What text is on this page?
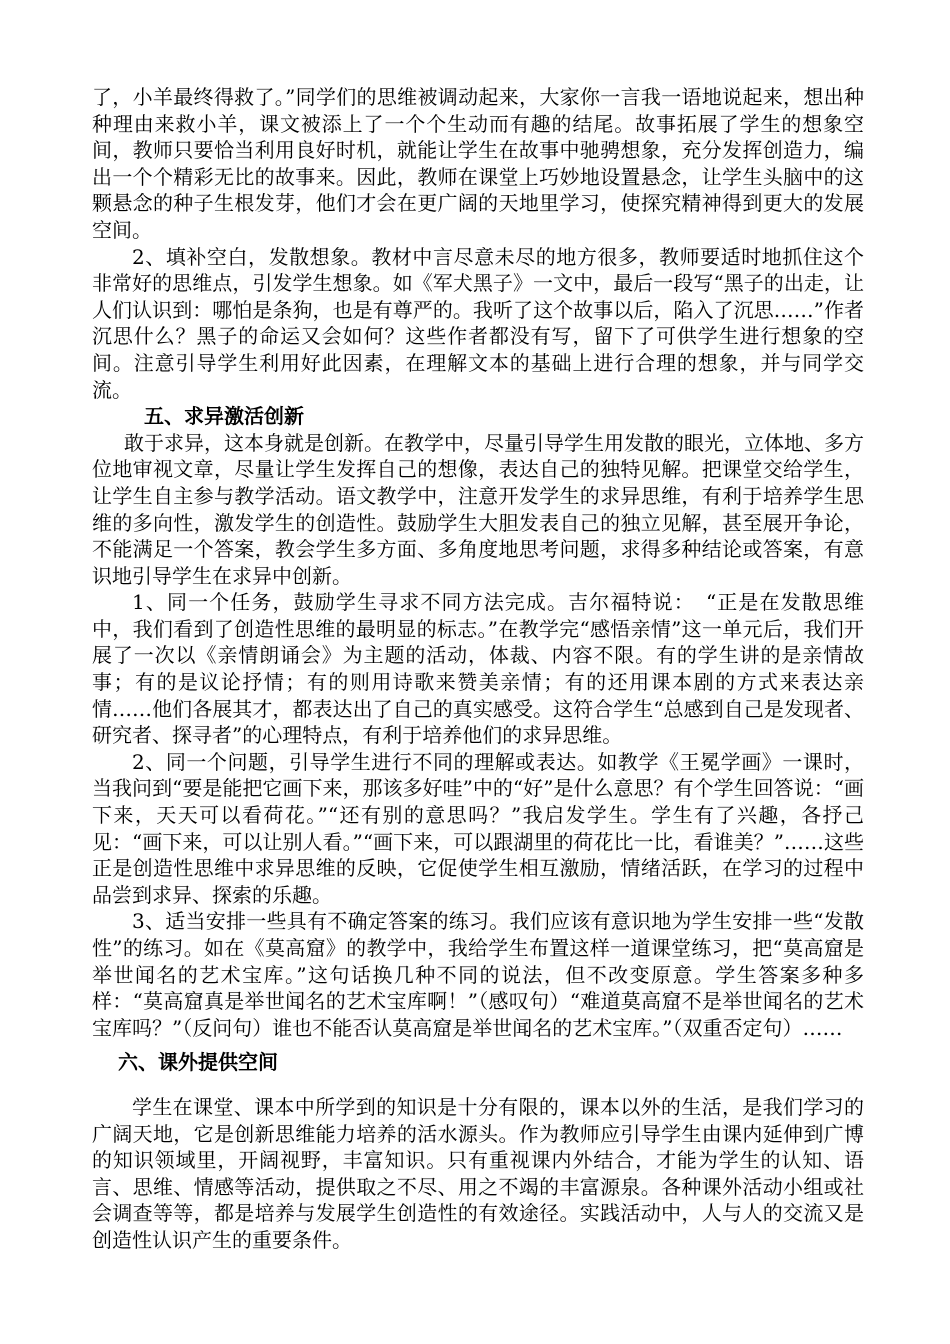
了，小羊最终得救了。”同学们的思维被调动起来，大家你一言我一语地说起来，想出种种理由来救小羊，课文被添上了一个个生动而有趣的结尾。故事拓展了学生的想象空间，教师只要恰当利用良好时机，就能让学生在故事中驰骋想象，充分发挥创造力，编出一个个精彩无比的故事来。因此，教师在课堂上巧妙地设置悬念，让学生头脑中的这颗悬念的种子生根发芽，他们才会在更广阔的天地里学习，使探究精神得到更大的发展空间。

2、填补空白，发散想象。教材中言尽意未尽的地方很多，教师要适时地抓住这个非常好的思维点，引发学生想象。如《军犬黑子》一文中，最后一段写“黑子的出走，让人们认识到：哪怕是条狗，也是有尊严的。我听了这个故事以后，陷入了沉思……”作者沉思什么？黑子的命运又会如何？这些作者都没有写，留下了可供学生进行想象的空间。注意引导学生利用好此因素，在理解文本的基础上进行合理的想象，并与同学交流。

五、求异激活创新

敢于求异，这本身就是创新。在教学中，尽量引导学生用发散的眼光，立体地、多方位地审视文章，尽量让学生发挥自己的想像，表达自己的独特见解。把课堂交给学生，让学生自主参与教学活动。语文教学中，注意开发学生的求异思维，有利于培养学生思维的多向性，激发学生的创造性。鼓励学生大胆发表自己的独立见解，甚至展开争论，不能满足一个答案，教会学生多方面、多角度地思考问题，求得多种结论或答案，有意识地引导学生在求异中创新。

1、同一个任务，鼓励学生寻求不同方法完成。吉尔福特说：　“正是在发散思维中，我们看到了创造性思维的最明显的标志。”在教学完“感悟亲情”这一单元后，我们开展了一次以《亲情朗诵会》为主题的活动，体裁、内容不限。有的学生讲的是亲情故事；有的是议论抒情；有的则用诗歌来赞美亲情；有的还用课本剧的方式来表达亲情……他们各展其才，都表达出了自己的真实感受。这符合学生“总感到自己是发现者、研究者、探寻者”的心理特点，有利于培养他们的求异思维。

2、同一个问题，引导学生进行不同的理解或表达。如教学《王冕学画》一课时，当我问到“要是能把它画下来，那该多好哇”中的“好”是什么意思？有个学生回答说：“画下来，天天可以看荷花。”“还有别的意思吗？”我启发学生。学生有了兴趣，各抒己见：“画下来，可以让别人看。”“画下来，可以跟湖里的荷花比一比，看谁美？”……这些正是创造性思维中求异思维的反映，它促使学生相互激励，情绪活跃，在学习的过程中品尝到求异、探索的乐趣。

3、适当安排一些具有不确定答案的练习。我们应该有意识地为学生安排一些“发散性”的练习。如在《莫高窟》的教学中，我给学生布置这样一道课堂练习，把“莫高窟是举世闻名的艺术宝库。”这句话换几种不同的说法，但不改变原意。学生答案多种多样：“莫高窟真是举世闻名的艺术宝库啊！”（感叹句）“难道莫高窟不是举世闻名的艺术宝库吗？”（反问句）谁也不能否认莫高窟是举世闻名的艺术宝库。”（双重否定句）……

六、课外提供空间

学生在课堂、课本中所学到的知识是十分有限的，课本以外的生活，是我们学习的广阔天地，它是创新思维能力培养的活水源头。作为教师应引导学生由课内延伸到广博的知识领域里，开阔视野，丰富知识。只有重视课内外结合，才能为学生的认知、语言、思维、情感等活动，提供取之不尽、用之不竭的丰富源泉。各种课外活动小组或社会调查等等，都是培养与发展学生创造性的有效途径。实践活动中，人与人的交流又是创造性认识产生的重要条件。
